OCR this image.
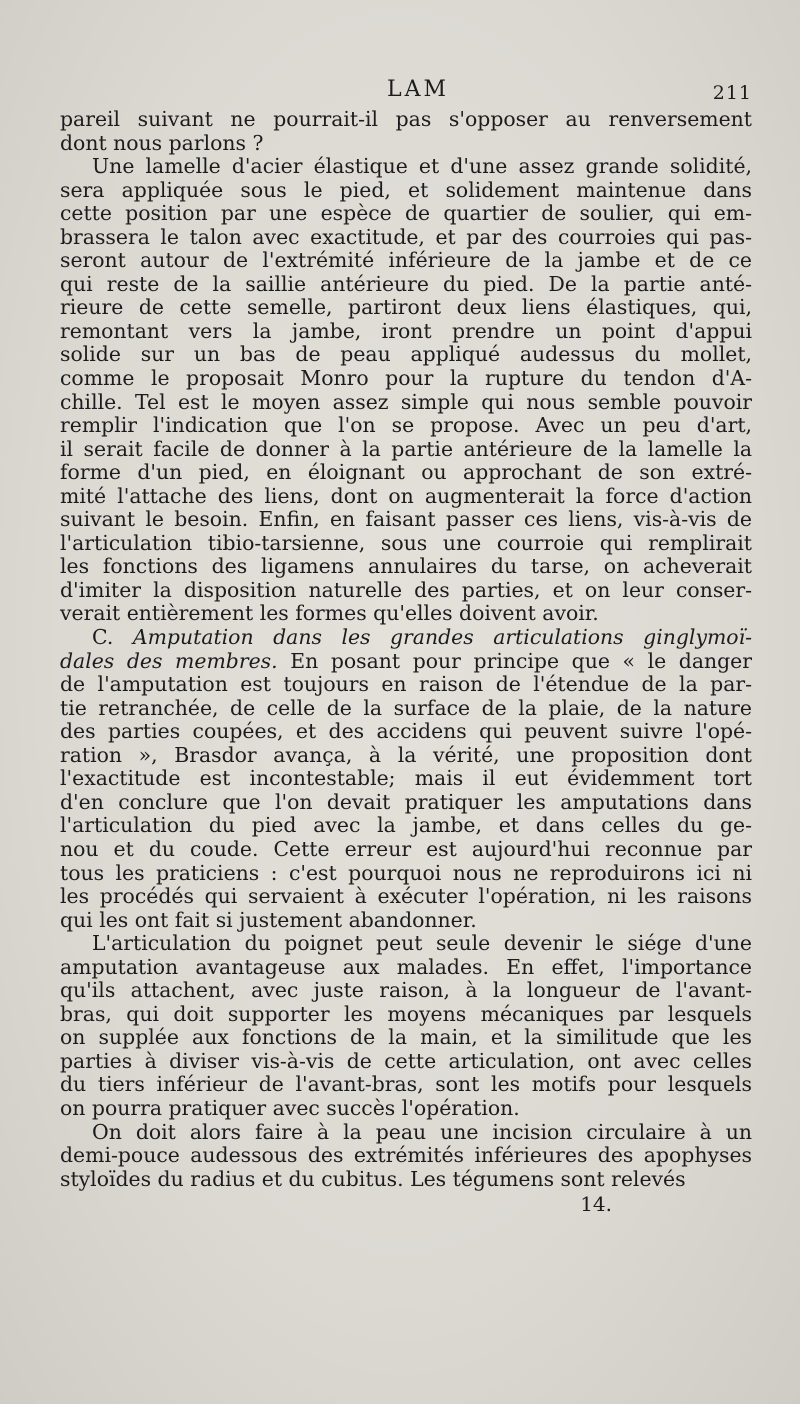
LAM	211
pareil suivant ne pourrait-il pas s'opposer au renversement
dont nous parlons ?
Une lamelle d'acier élastique et d'une assez grande solidité,
sera appliquée sous le pied, et solidement maintenue dans
cette position par une espèce de quartier de soulier, qui em-
brassera le talon avec exactitude, et par des courroies qui pas-
seront autour de l'extrémité inférieure de la jambe et de ce
qui reste de la saillie antérieure du pied. De la partie anté-
rieure de cette semelle, partiront deux liens élastiques, qui,
remontant vers la jambe, iront prendre un point d'appui
solide sur un bas de peau appliqué audessus du mollet,
comme le proposait Monro pour la rupture du tendon d'A-
chille. Tel est le moyen assez simple qui nous semble pouvoir
remplir l'indication que l'on se propose. Avec un peu d'art,
il serait facile de donner à la partie antérieure de la lamelle la
forme d'un pied, en éloignant ou approchant de son extré-
mité l'attache des liens, dont on augmenterait la force d'action
suivant le besoin. Enfin, en faisant passer ces liens, vis-à-vis de
l'articulation tibio-tarsienne, sous une courroie qui remplirait
les fonctions des ligamens annulaires du tarse, on acheverait
d'imiter la disposition naturelle des parties, et on leur conser-
verait entièrement les formes qu'elles doivent avoir.
C. Amputation dans les grandes articulations ginglymoï-
dales des membres. En posant pour principe que « le danger
de l'amputation est toujours en raison de l'étendue de la par-
tie retranchée, de celle de la surface de la plaie, de la nature
des parties coupées, et des accidens qui peuvent suivre l'opé-
ration », Brasdor avança, à la vérité, une proposition dont
l'exactitude est incontestable; mais il eut évidemment tort
d'en conclure que l'on devait pratiquer les amputations dans
l'articulation du pied avec la jambe, et dans celles du ge-
nou et du coude. Cette erreur est aujourd'hui reconnue par
tous les praticiens : c'est pourquoi nous ne reproduirons ici ni
les procédés qui servaient à exécuter l'opération, ni les raisons
qui les ont fait si justement abandonner.
L'articulation du poignet peut seule devenir le siége d'une
amputation avantageuse aux malades. En effet, l'importance
qu'ils attachent, avec juste raison, à la longueur de l'avant-
bras, qui doit supporter les moyens mécaniques par lesquels
on supplée aux fonctions de la main, et la similitude que les
parties à diviser vis-à-vis de cette articulation, ont avec celles
du tiers inférieur de l'avant-bras, sont les motifs pour lesquels
on pourra pratiquer avec succès l'opération.
On doit alors faire à la peau une incision circulaire à un
demi-pouce audessous des extrémités inférieures des apophyses
styloïdes du radius et du cubitus. Les tégumens sont relevés
14.
